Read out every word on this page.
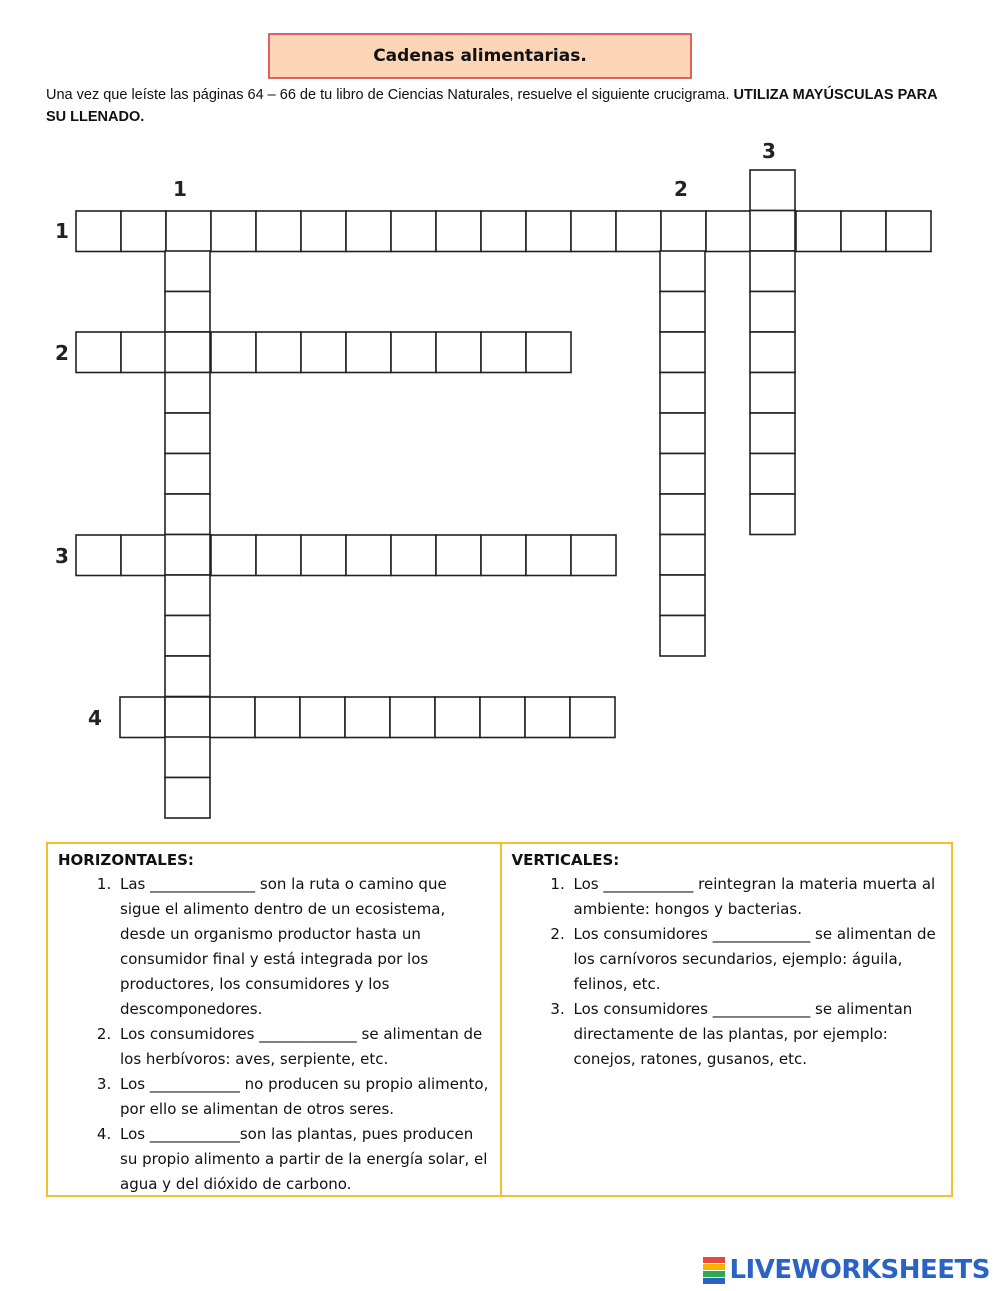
Cadenas alimentarias.
Una vez que leíste las páginas 64 – 66 de tu libro de Ciencias Naturales, resuelve el siguiente crucigrama. UTILIZA MAYÚSCULAS PARA SU LLENADO.
1
2
3
4
1	2
3
HORIZONTALES:
1. Las ______________ son la ruta o camino que sigue el alimento dentro de un ecosistema, desde un organismo productor hasta un consumidor final y está integrada por los productores, los consumidores y los descomponedores.
2. Los consumidores _____________ se alimentan de los herbívoros: aves, serpiente, etc.
3. Los ____________ no producen su propio alimento, por ello se alimentan de otros seres.
4. Los ____________son las plantas, pues producen su propio alimento a partir de la energía solar, el agua y del dióxido de carbono.
VERTICALES:
1. Los ____________ reintegran la materia muerta al ambiente: hongos y bacterias.
2. Los consumidores _____________ se alimentan de los carnívoros secundarios, ejemplo: águila, felinos, etc.
3. Los consumidores _____________ se alimentan directamente de las plantas, por ejemplo: conejos, ratones, gusanos, etc.
LIVEWORKSHEETS
